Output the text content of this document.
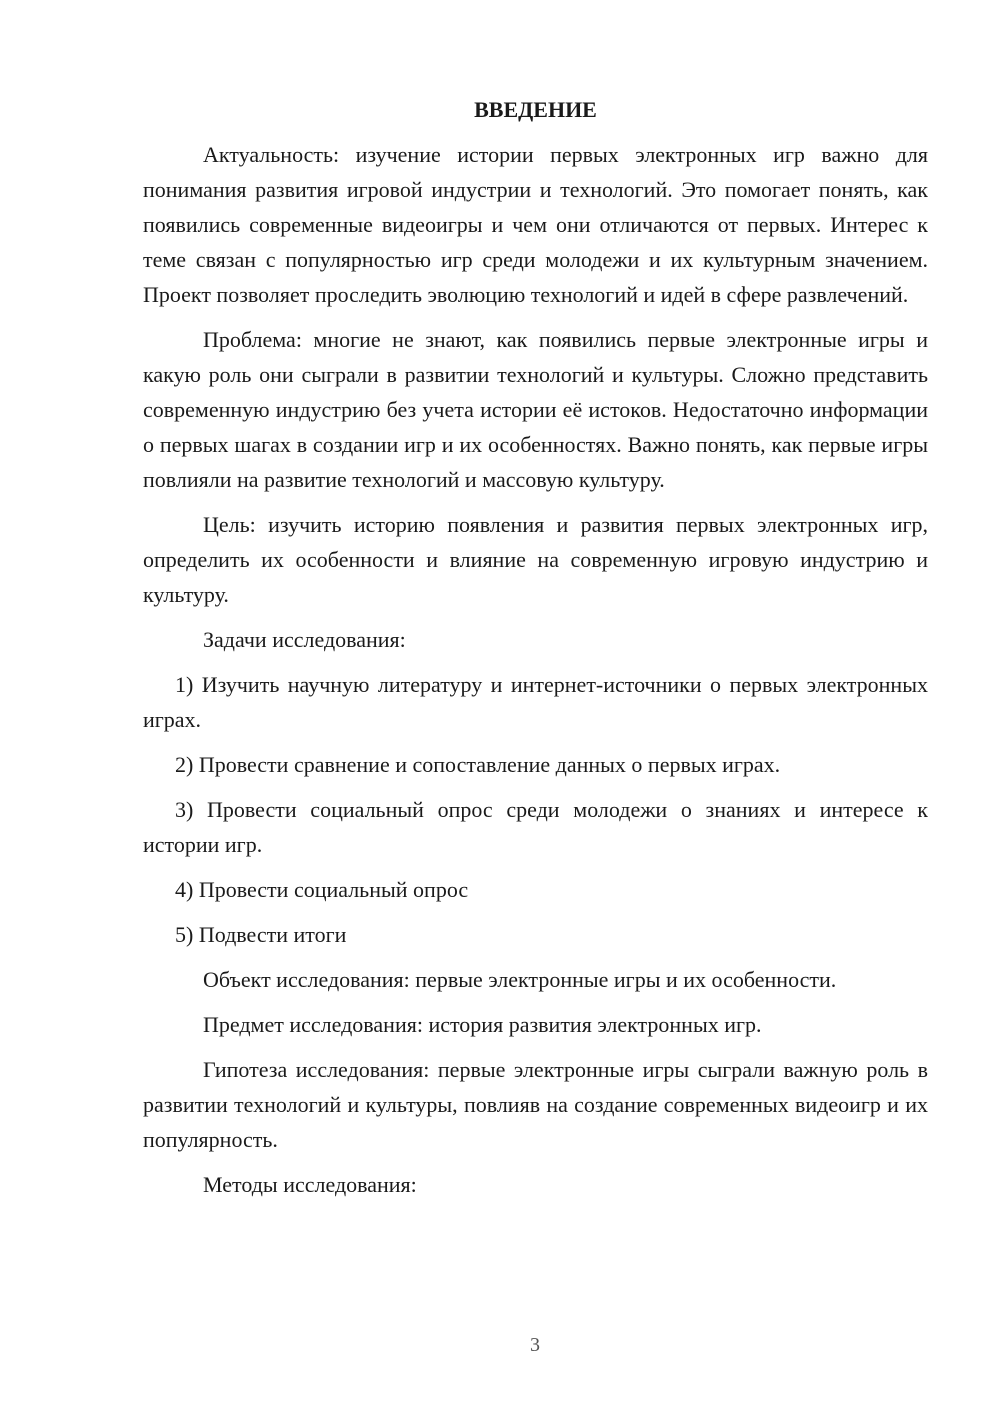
ВВЕДЕНИЕ

Актуальность: изучение истории первых электронных игр важно для понимания развития игровой индустрии и технологий. Это помогает понять, как появились современные видеоигры и чем они отличаются от первых. Интерес к теме связан с популярностью игр среди молодежи и их культурным значением. Проект позволяет проследить эволюцию технологий и идей в сфере развлечений.

Проблема: многие не знают, как появились первые электронные игры и какую роль они сыграли в развитии технологий и культуры. Сложно представить современную индустрию без учета истории её истоков. Недостаточно информации о первых шагах в создании игр и их особенностях. Важно понять, как первые игры повлияли на развитие технологий и массовую культуру.

Цель: изучить историю появления и развития первых электронных игр, определить их особенности и влияние на современную игровую индустрию и культуру.

Задачи исследования:

1) Изучить научную литературу и интернет-источники о первых электронных играх.

2) Провести сравнение и сопоставление данных о первых играх.

3) Провести социальный опрос среди молодежи о знаниях и интересе к истории игр.

4) Провести социальный опрос

5) Подвести итоги

Объект исследования: первые электронные игры и их особенности.

Предмет исследования: история развития электронных игр.

Гипотеза исследования: первые электронные игры сыграли важную роль в развитии технологий и культуры, повлияв на создание современных видеоигр и их популярность.

Методы исследования:

3
